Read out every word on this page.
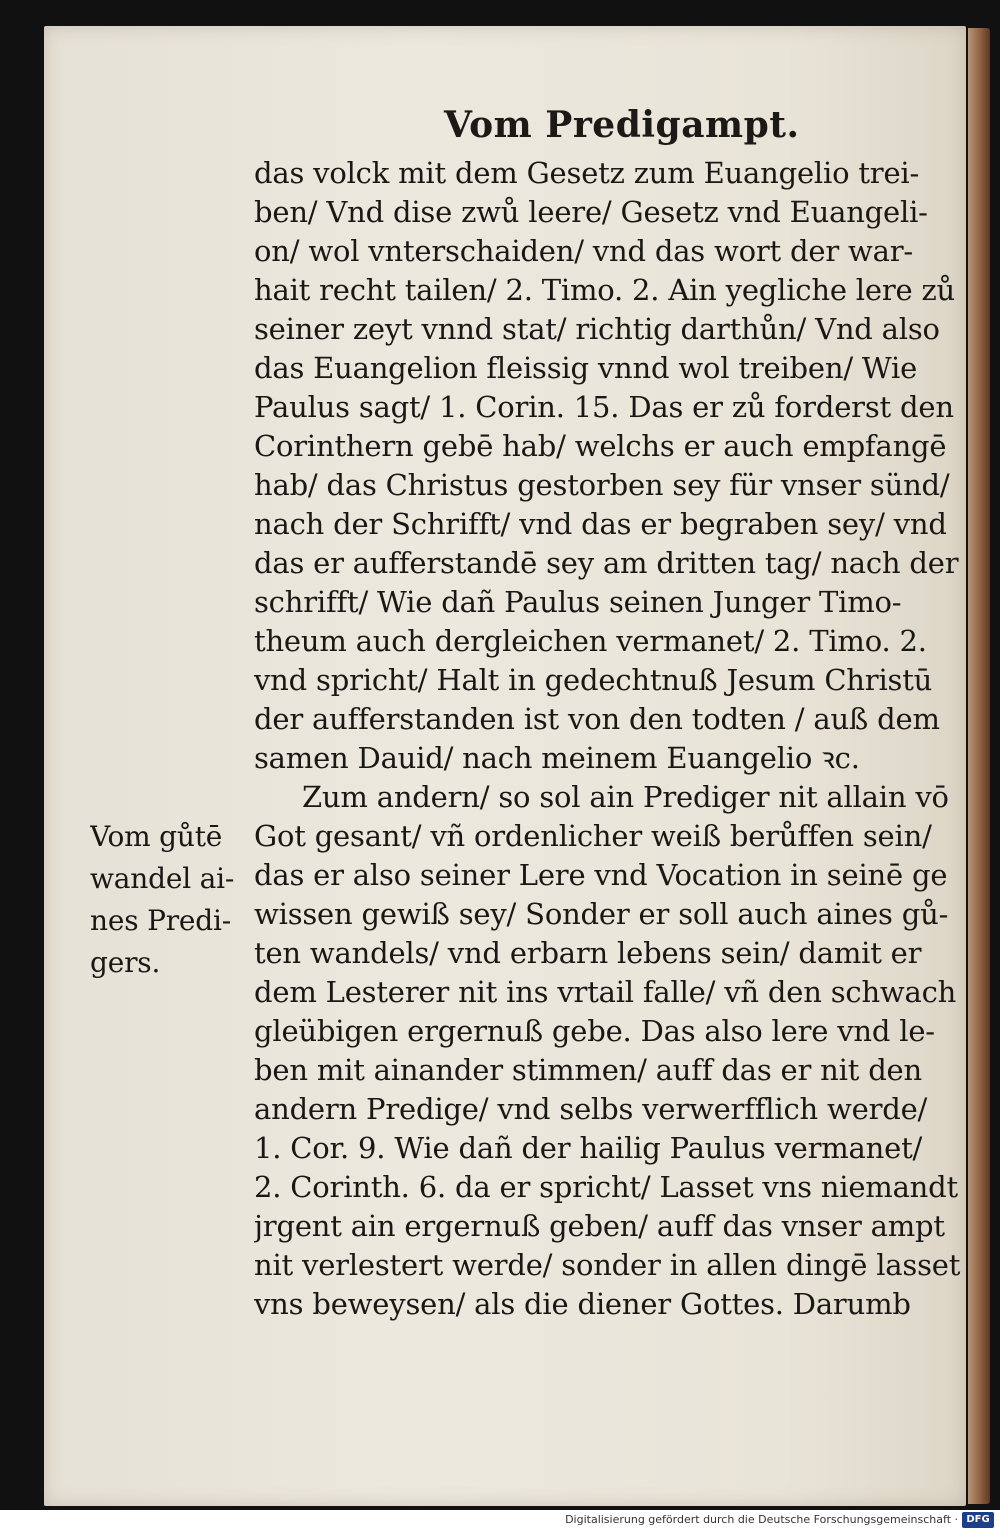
Vom Predigampt.
Vom gůtē
wandel ai-
nes Predi-
gers.
das volck mit dem Gesetz zum Euangelio trei-
ben/ Vnd dise zwů leere/ Gesetz vnd Euangeli-
on/ wol vnterschaiden/ vnd das wort der war-
hait recht tailen/ 2. Timo. 2. Ain yegliche lere zů
seiner zeyt vnnd stat/ richtig darthůn/ Vnd also
das Euangelion fleissig vnnd wol treiben/ Wie
Paulus sagt/ 1. Corin. 15. Das er zů forderst den
Corinthern gebē hab/ welchs er auch empfangē
hab/ das Christus gestorben sey für vnser sünd/
nach der Schrifft/ vnd das er begraben sey/ vnd
das er aufferstandē sey am dritten tag/ nach der
schrifft/ Wie dañ Paulus seinen Junger Timo-
theum auch dergleichen vermanet/ 2. Timo. 2.
vnd spricht/ Halt in gedechtnuß Jesum Christū
der aufferstanden ist von den todten / auß dem
samen Dauid/ nach meinem Euangelio ꝛc.
Zum andern/ so sol ain Prediger nit allain vō
Got gesant/ vñ ordenlicher weiß berůffen sein/
das er also seiner Lere vnd Vocation in seinē ge
wissen gewiß sey/ Sonder er soll auch aines gů-
ten wandels/ vnd erbarn lebens sein/ damit er
dem Lesterer nit ins vrtail falle/ vñ den schwach
gleübigen ergernuß gebe. Das also lere vnd le-
ben mit ainander stimmen/ auff das er nit den
andern Predige/ vnd selbs verwerfflich werde/
1. Cor. 9. Wie dañ der hailig Paulus vermanet/
2. Corinth. 6. da er spricht/ Lasset vns niemandt
jrgent ain ergernuß geben/ auff das vnser ampt
nit verlestert werde/ sonder in allen dingē lasset
vns beweysen/ als die diener Gottes. Darumb
Digitalisierung gefördert durch die Deutsche Forschungsgemeinschaft · DFG
